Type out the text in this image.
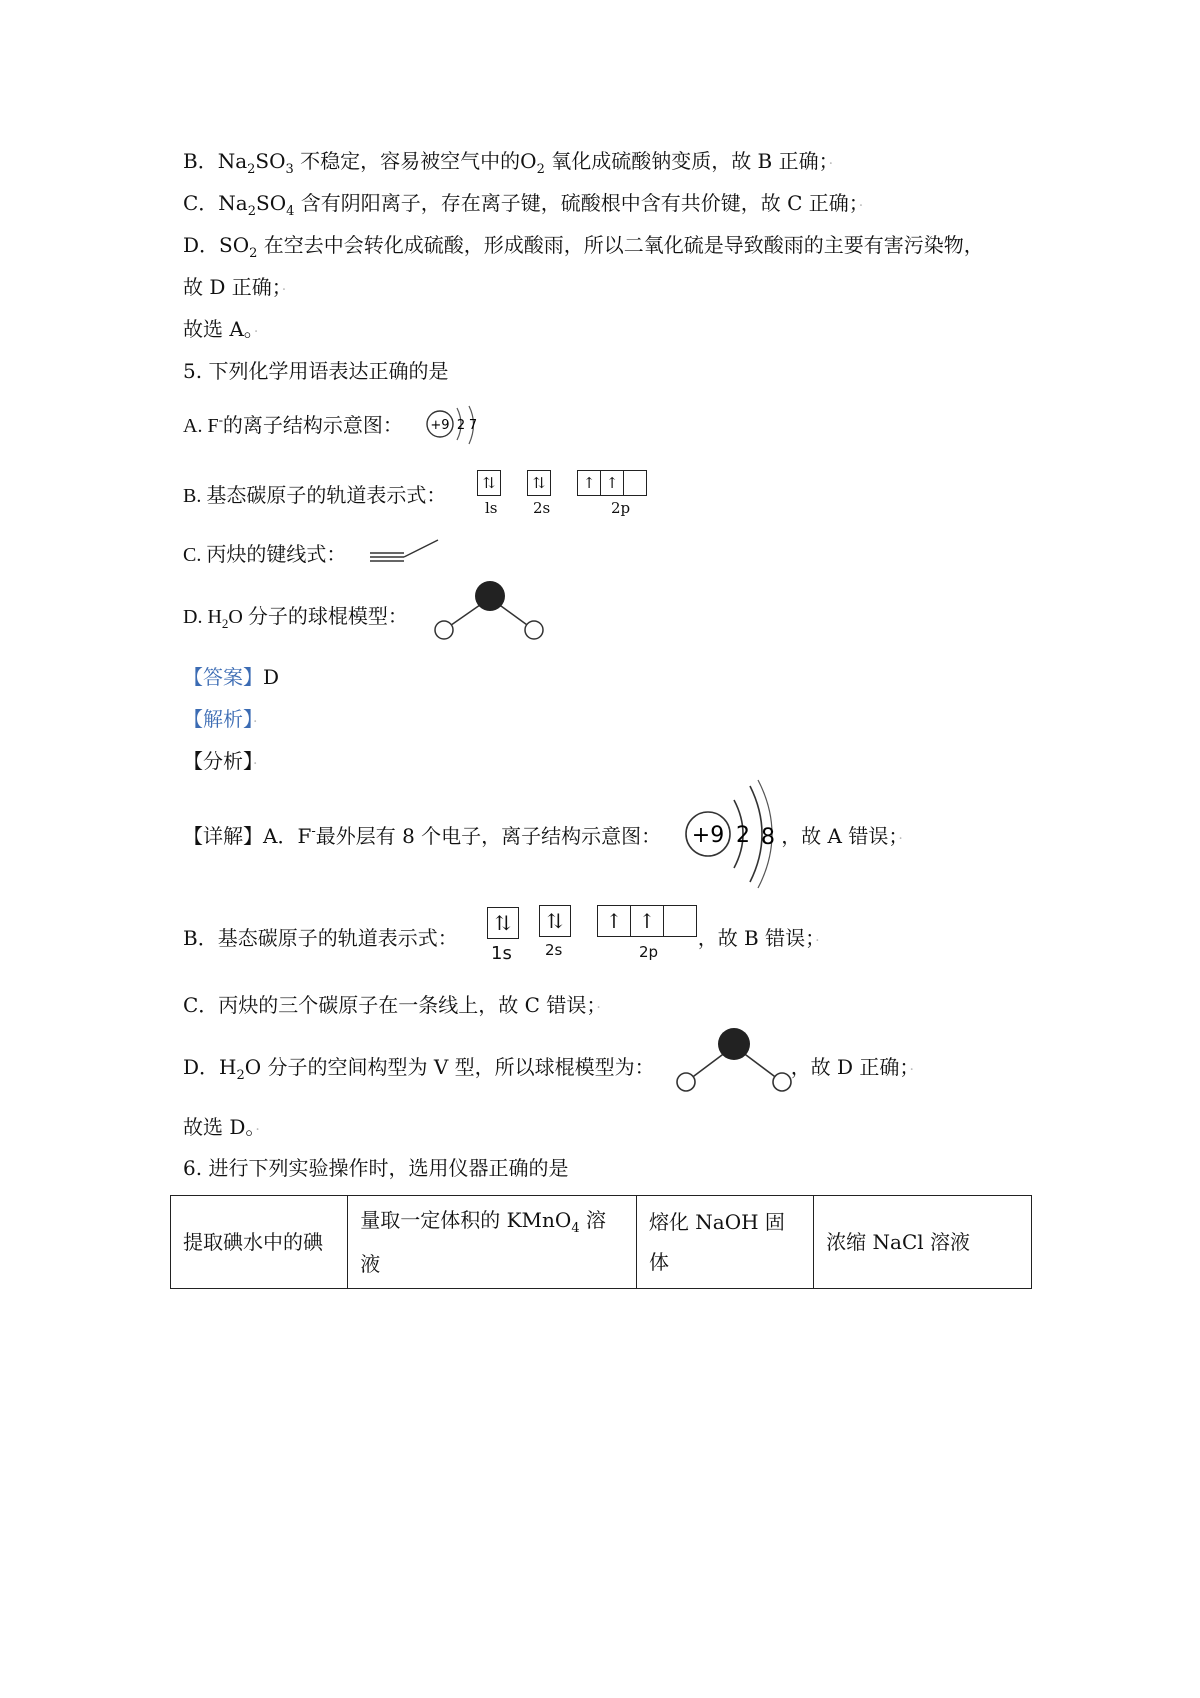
B．$Na_2SO_3$ 不稳定，容易被空气中的$O_2$ 氧化成硫酸钠变质，故 B 正确；·
C．$Na_2SO_4$ 含有阴阳离子，存在离子键，硫酸根中含有共价键，故 C 正确；·
D．$SO_2$ 在空去中会转化成硫酸，形成酸雨，所以二氧化硫是导致酸雨的主要有害污染物，
故 D 正确；·
故选 A。·
5. 下列化学用语表达正确的是
A. F-的离子结构示意图： +9 2 7
B. 基态碳原子的轨道表示式：
⇅	⇅	↑ ↑
ls 2s	2p
C. 丙炔的键线式：
D. $H_2O$ 分子的球棍模型：
【答案】D
【解析】·
【分析】·
【详解】A．F-最外层有 8 个电子，离子结构示意图：	，故 A 错误；·
+9 2 8
B．基态碳原子的轨道表示式：	，故 B 错误；·
⇅	⇅	↑ ↑
1s 2s	2p
C．丙炔的三个碳原子在一条线上，故 C 错误；·
D．$H_2O$ 分子的空间构型为 V 型，所以球棍模型为：	，故 D 正确；·
故选 D。·
6. 进行下列实验操作时，选用仪器正确的是
提取碘水中的碘	量取一定体积的 KMnO$_4$ 溶
液	熔化 NaOH 固体	浓缩 NaCl 溶液
